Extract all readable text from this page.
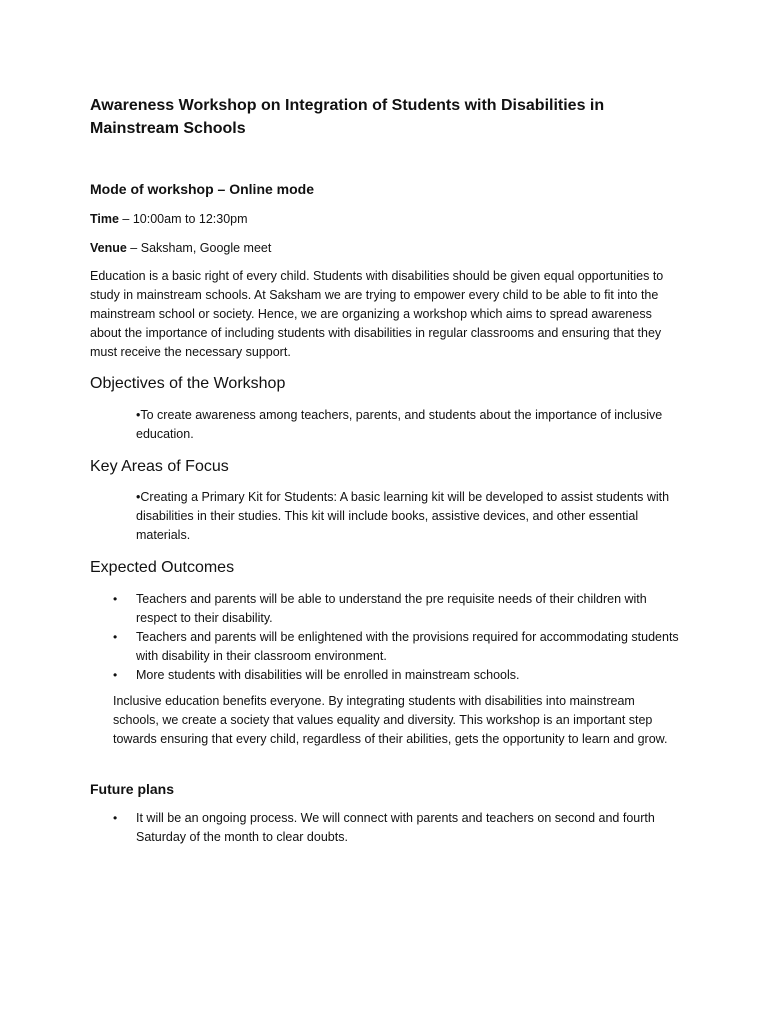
Awareness Workshop on Integration of Students with Disabilities in Mainstream Schools

Mode of workshop – Online mode

Time – 10:00am to 12:30pm

Venue – Saksham, Google meet

Education is a basic right of every child. Students with disabilities should be given equal opportunities to study in mainstream schools. At Saksham we are trying to empower every child to be able to fit into the mainstream school or society. Hence, we are organizing a workshop which aims to spread awareness about the importance of including students with disabilities in regular classrooms and ensuring that they must receive the necessary support.

Objectives of the Workshop

•To create awareness among teachers, parents, and students about the importance of inclusive education.

Key Areas of Focus

•Creating a Primary Kit for Students: A basic learning kit will be developed to assist students with disabilities in their studies. This kit will include books, assistive devices, and other essential materials.

Expected Outcomes
• Teachers and parents will be able to understand the pre requisite needs of their children with respect to their disability.
• Teachers and parents will be enlightened with the provisions required for accommodating students with disability in their classroom environment.
• More students with disabilities will be enrolled in mainstream schools.

Inclusive education benefits everyone. By integrating students with disabilities into mainstream schools, we create a society that values equality and diversity. This workshop is an important step towards ensuring that every child, regardless of their abilities, gets the opportunity to learn and grow.

Future plans

• It will be an ongoing process. We will connect with parents and teachers on second and fourth Saturday of the month to clear doubts.
